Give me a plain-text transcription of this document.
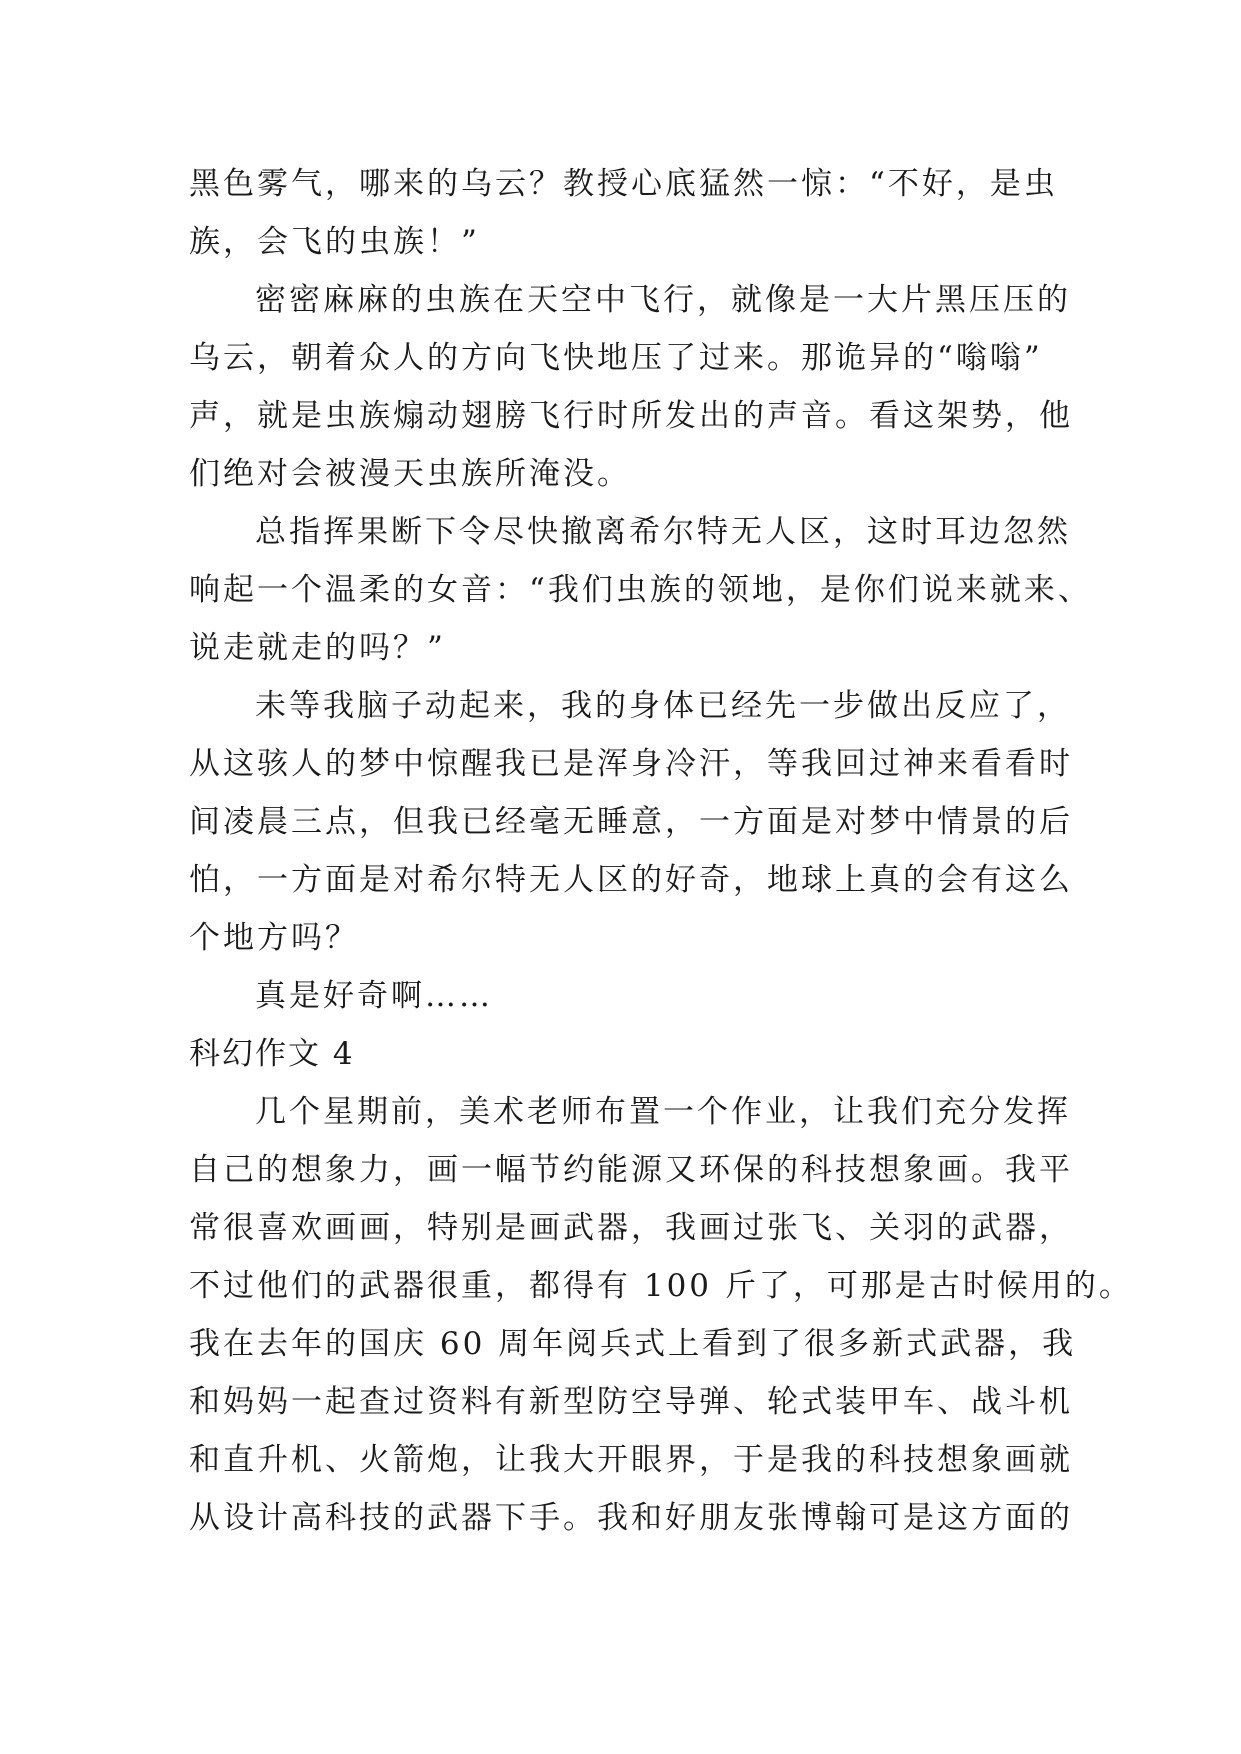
黑色雾气，哪来的乌云？教授心底猛然一惊：“不好，是虫
族，会飞的虫族！”
密密麻麻的虫族在天空中飞行，就像是一大片黑压压的
乌云，朝着众人的方向飞快地压了过来。那诡异的“嗡嗡”
声，就是虫族煽动翅膀飞行时所发出的声音。看这架势，他
们绝对会被漫天虫族所淹没。
总指挥果断下令尽快撤离希尔特无人区，这时耳边忽然
响起一个温柔的女音：“我们虫族的领地，是你们说来就来、
说走就走的吗？”
未等我脑子动起来，我的身体已经先一步做出反应了，
从这骇人的梦中惊醒我已是浑身冷汗，等我回过神来看看时
间凌晨三点，但我已经毫无睡意，一方面是对梦中情景的后
怕，一方面是对希尔特无人区的好奇，地球上真的会有这么
个地方吗？
真是好奇啊……
科幻作文 4
几个星期前，美术老师布置一个作业，让我们充分发挥
自己的想象力，画一幅节约能源又环保的科技想象画。我平
常很喜欢画画，特别是画武器，我画过张飞、关羽的武器，
不过他们的武器很重，都得有 100 斤了，可那是古时候用的。
我在去年的国庆 60 周年阅兵式上看到了很多新式武器，我
和妈妈一起查过资料有新型防空导弹、轮式装甲车、战斗机
和直升机、火箭炮，让我大开眼界，于是我的科技想象画就
从设计高科技的武器下手。我和好朋友张博翰可是这方面的
